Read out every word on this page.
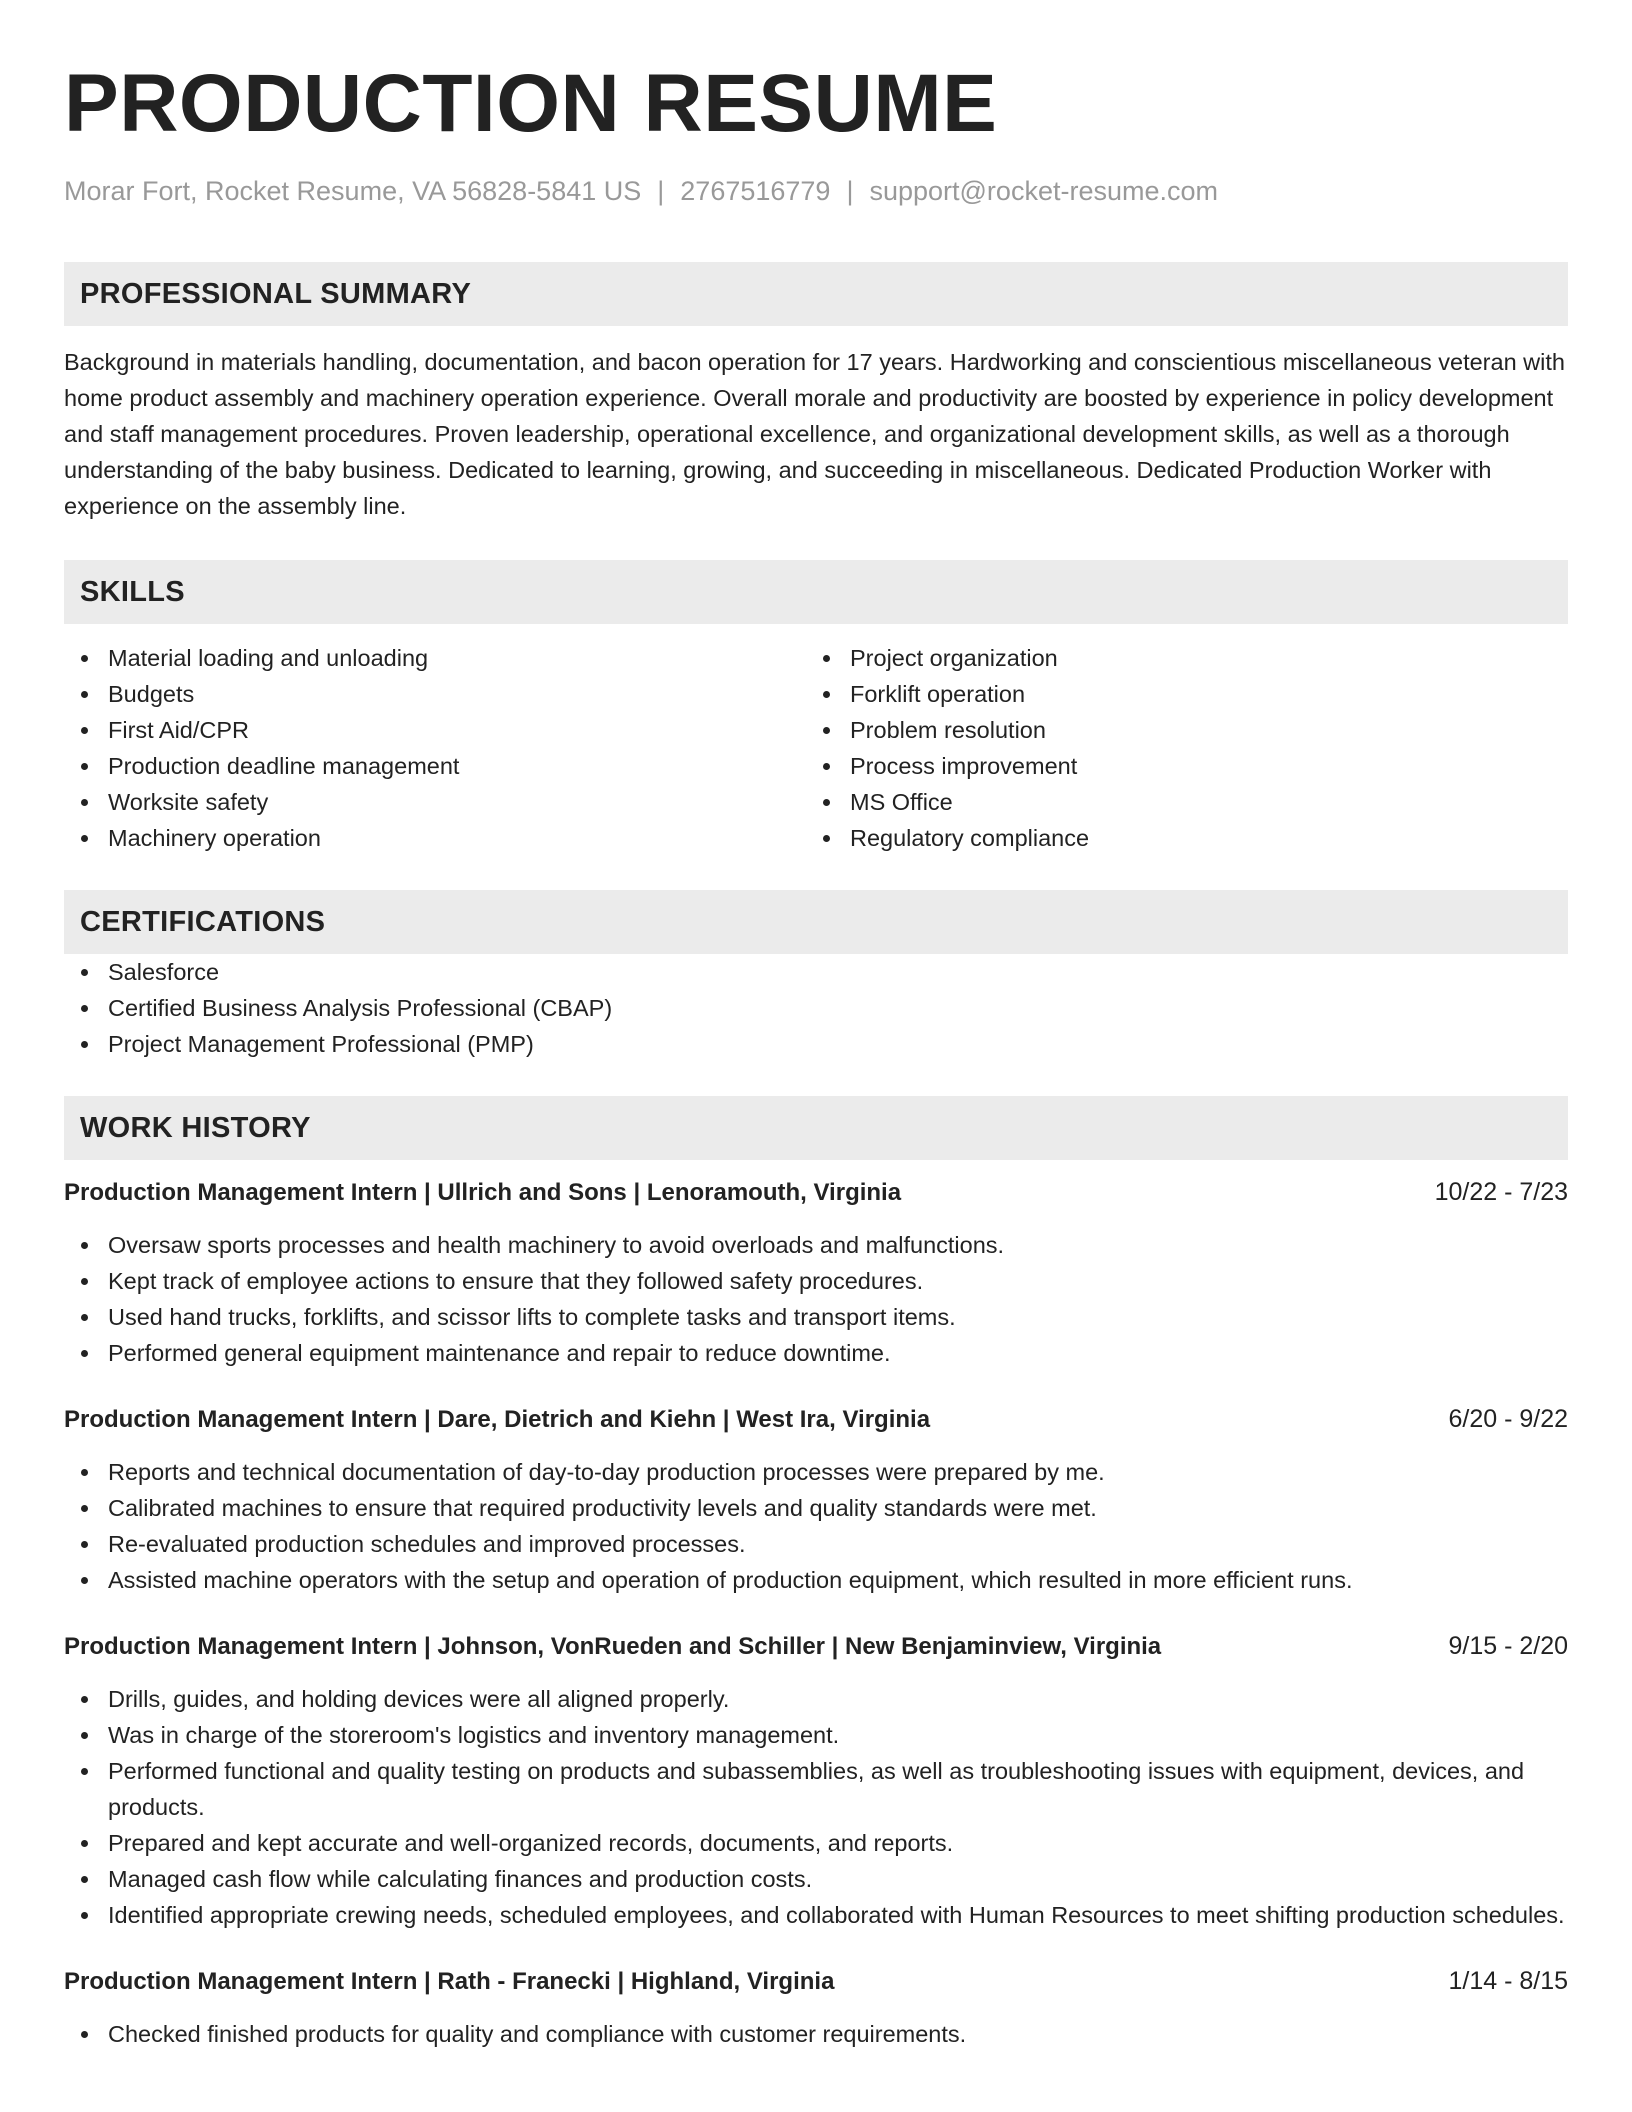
PRODUCTION RESUME
Morar Fort, Rocket Resume, VA 56828-5841 US | 2767516779 | support@rocket-resume.com
PROFESSIONAL SUMMARY
Background in materials handling, documentation, and bacon operation for 17 years. Hardworking and conscientious miscellaneous veteran with home product assembly and machinery operation experience. Overall morale and productivity are boosted by experience in policy development and staff management procedures. Proven leadership, operational excellence, and organizational development skills, as well as a thorough understanding of the baby business. Dedicated to learning, growing, and succeeding in miscellaneous. Dedicated Production Worker with experience on the assembly line.
SKILLS
Material loading and unloading
Budgets
First Aid/CPR
Production deadline management
Worksite safety
Machinery operation
Project organization
Forklift operation
Problem resolution
Process improvement
MS Office
Regulatory compliance
CERTIFICATIONS
Salesforce
Certified Business Analysis Professional (CBAP)
Project Management Professional (PMP)
WORK HISTORY
Production Management Intern | Ullrich and Sons | Lenoramouth, Virginia	10/22 - 7/23
Oversaw sports processes and health machinery to avoid overloads and malfunctions.
Kept track of employee actions to ensure that they followed safety procedures.
Used hand trucks, forklifts, and scissor lifts to complete tasks and transport items.
Performed general equipment maintenance and repair to reduce downtime.
Production Management Intern | Dare, Dietrich and Kiehn | West Ira, Virginia	6/20 - 9/22
Reports and technical documentation of day-to-day production processes were prepared by me.
Calibrated machines to ensure that required productivity levels and quality standards were met.
Re-evaluated production schedules and improved processes.
Assisted machine operators with the setup and operation of production equipment, which resulted in more efficient runs.
Production Management Intern | Johnson, VonRueden and Schiller | New Benjaminview, Virginia	9/15 - 2/20
Drills, guides, and holding devices were all aligned properly.
Was in charge of the storeroom's logistics and inventory management.
Performed functional and quality testing on products and subassemblies, as well as troubleshooting issues with equipment, devices, and products.
Prepared and kept accurate and well-organized records, documents, and reports.
Managed cash flow while calculating finances and production costs.
Identified appropriate crewing needs, scheduled employees, and collaborated with Human Resources to meet shifting production schedules.
Production Management Intern | Rath - Franecki | Highland, Virginia	1/14 - 8/15
Checked finished products for quality and compliance with customer requirements.
